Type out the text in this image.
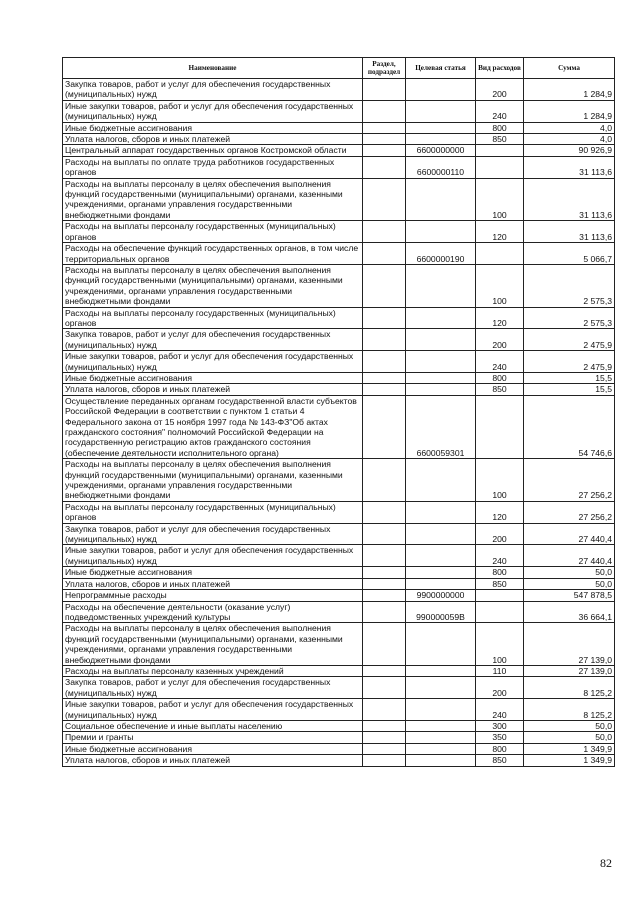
Наименование	Раздел, подраздел	Целевая статья	Вид расходов	Сумма
Закупка товаров, работ и услуг для обеспечения государственных (муниципальных) нужд			200	1 284,9
Иные закупки товаров, работ и услуг для обеспечения государственных (муниципальных) нужд			240	1 284,9
Иные бюджетные ассигнования			800	4,0
Уплата налогов, сборов и иных платежей			850	4,0
Центральный аппарат государственных органов Костромской области		6600000000		90 926,9
Расходы на выплаты по оплате труда работников государственных органов		6600000110		31 113,6
Расходы на выплаты персоналу в целях обеспечения выполнения функций государственными (муниципальными) органами, казенными учреждениями, органами управления государственными внебюджетными фондами			100	31 113,6
Расходы на выплаты персоналу государственных (муниципальных) органов			120	31 113,6
Расходы на обеспечение функций государственных органов, в том числе территориальных органов		6600000190		5 066,7
Расходы на выплаты персоналу в целях обеспечения выполнения функций государственными (муниципальными) органами, казенными учреждениями, органами управления государственными внебюджетными фондами			100	2 575,3
Расходы на выплаты персоналу государственных (муниципальных) органов			120	2 575,3
Закупка товаров, работ и услуг для обеспечения государственных (муниципальных) нужд			200	2 475,9
Иные закупки товаров, работ и услуг для обеспечения государственных (муниципальных) нужд			240	2 475,9
Иные бюджетные ассигнования			800	15,5
Уплата налогов, сборов и иных платежей			850	15,5
Осуществление переданных органам государственной власти субъектов Российской Федерации в соответствии с пунктом 1 статьи 4 Федерального закона от 15 ноября 1997 года № 143-ФЗ"Об актах гражданского состояния" полномочий Российской Федерации на государственную регистрацию актов гражданского состояния (обеспечение деятельности исполнительного органа)		6600059301		54 746,6
Расходы на выплаты персоналу в целях обеспечения выполнения функций государственными (муниципальными) органами, казенными учреждениями, органами управления государственными внебюджетными фондами			100	27 256,2
Расходы на выплаты персоналу государственных (муниципальных) органов			120	27 256,2
Закупка товаров, работ и услуг для обеспечения государственных (муниципальных) нужд			200	27 440,4
Иные закупки товаров, работ и услуг для обеспечения государственных (муниципальных) нужд			240	27 440,4
Иные бюджетные ассигнования			800	50,0
Уплата налогов, сборов и иных платежей			850	50,0
Непрограммные расходы		9900000000		547 878,5
Расходы на обеспечение деятельности (оказание услуг) подведомственных учреждений культуры		990000059В		36 664,1
Расходы на выплаты персоналу в целях обеспечения выполнения функций государственными (муниципальными) органами, казенными учреждениями, органами управления государственными внебюджетными фондами			100	27 139,0
Расходы на выплаты персоналу казенных учреждений			110	27 139,0
Закупка товаров, работ и услуг для обеспечения государственных (муниципальных) нужд			200	8 125,2
Иные закупки товаров, работ и услуг для обеспечения государственных (муниципальных) нужд			240	8 125,2
Социальное обеспечение и иные выплаты населению			300	50,0
Премии и гранты			350	50,0
Иные бюджетные ассигнования			800	1 349,9
Уплата налогов, сборов и иных платежей			850	1 349,9
82
